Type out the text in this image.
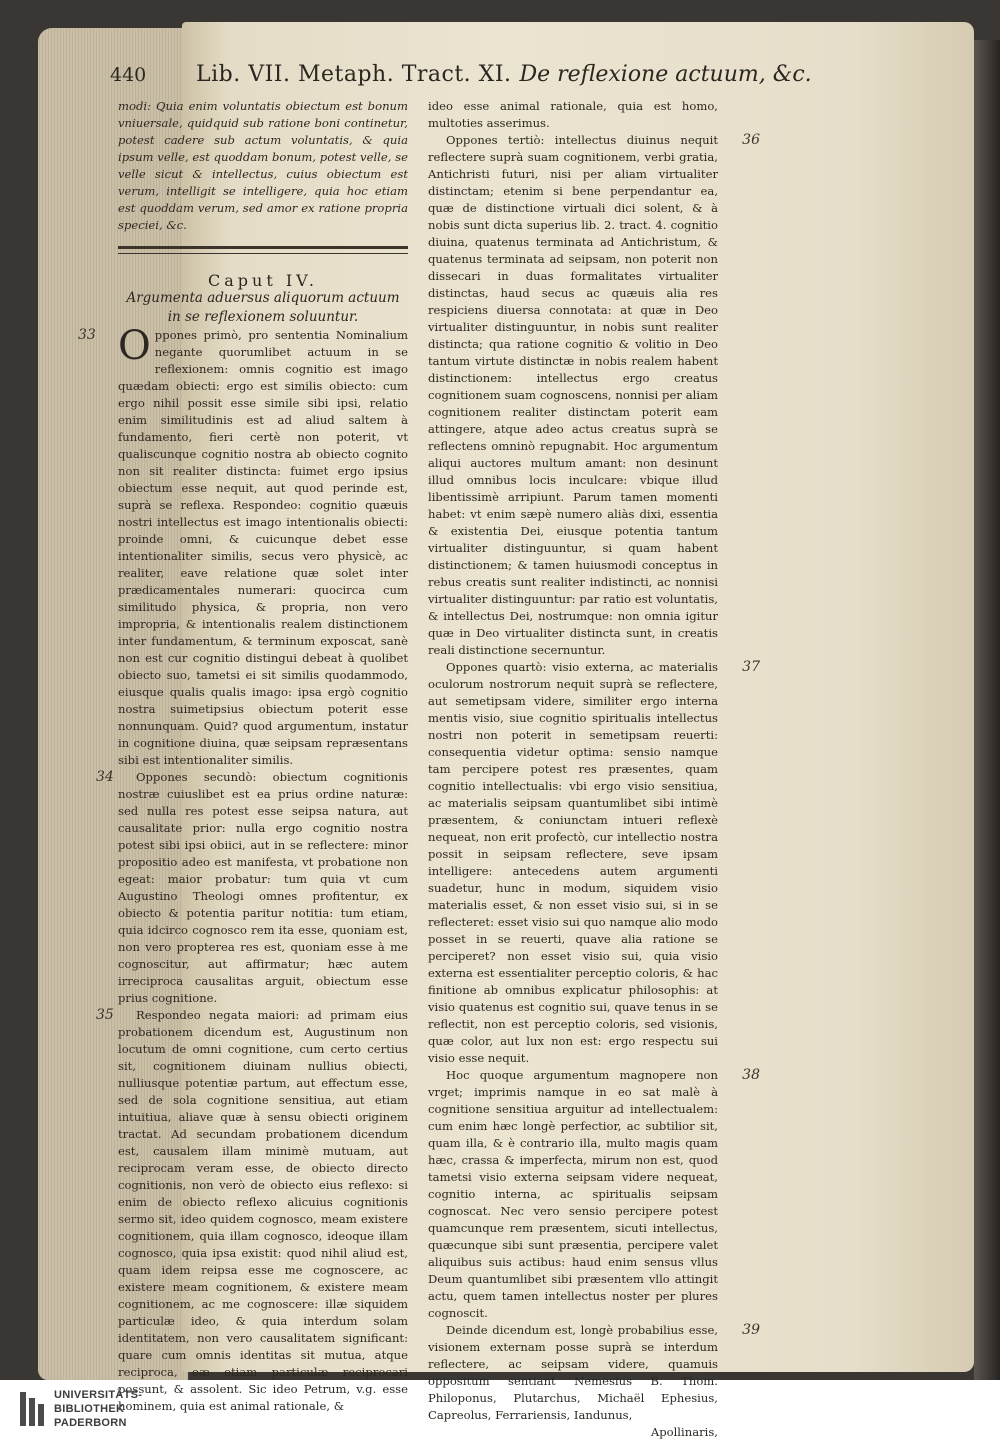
440 Lib. VII. Metaph. Tract. XI. De reflexione actuum, &c.

modi: Quia enim voluntatis obiectum est bonum vniuersale, quidquid sub ratione boni continetur, potest cadere sub actum voluntatis, & quia ipsum velle, est quoddam bonum, potest velle, se velle sicut & intellectus, cuius obiectum est verum, intelligit se intelligere, quia hoc etiam est quoddam verum, sed amor ex ratione propria speciei, &c.

Caput IV.

Argumenta aduersus aliquorum actuum in se reflexionem soluuntur.

33 O ppones primò, pro sententia Nominalium negante quorumlibet actuum in se reflexionem: omnis cognitio est imago quædam obiecti: ergo est similis obiecto: cum ergo nihil possit esse simile sibi ipsi, relatio enim similitudinis est ad aliud saltem à fundamento, fieri certè non poterit, vt qualiscunque cognitio nostra ab obiecto cognito non sit realiter distincta: fuimet ergo ipsius obiectum esse nequit, aut quod perinde est, suprà se reflexa. Respondeo: cognitio quæuis nostri intellectus est imago intentionalis obiecti: proinde omni, & cuicunque debet esse intentionaliter similis, secus vero physicè, ac realiter, eave relatione quæ solet inter prædicamentales numerari: quocirca cum similitudo physica, & propria, non vero impropria, & intentionalis realem distinctionem inter fundamentum, & terminum exposcat, sanè non est cur cognitio distingui debeat à quolibet obiecto suo, tametsi ei sit similis quodammodo, eiusque qualis qualis imago: ipsa ergò cognitio nostra suimetipsius obiectum poterit esse nonnunquam. Quid? quod argumentum, instatur in cognitione diuina, quæ seipsam repræsentans sibi est intentionaliter similis.

34 Oppones secundò: obiectum cognitionis nostræ cuiuslibet est ea prius ordine naturæ: sed nulla res potest esse seipsa natura, aut causalitate prior: nulla ergo cognitio nostra potest sibi ipsi obiici, aut in se reflectere: minor propositio adeo est manifesta, vt probatione non egeat: maior probatur: tum quia vt cum Augustino Theologi omnes profitentur, ex obiecto & potentia paritur notitia: tum etiam, quia idcirco cognosco rem ita esse, quoniam est, non vero propterea res est, quoniam esse à me cognoscitur, aut affirmatur; hæc autem irreciproca causalitas arguit, obiectum esse prius cognitione.

35 Respondeo negata maiori: ad primam eius probationem dicendum est, Augustinum non locutum de omni cognitione, cum certo certius sit, cognitionem diuinam nullius obiecti, nulliusque potentiæ partum, aut effectum esse, sed de sola cognitione sensitiua, aut etiam intuitiua, aliave quæ à sensu obiecti originem tractat. Ad secundam probationem dicendum est, causalem illam minimè mutuam, aut reciprocam veram esse, de obiecto directo cognitionis, non verò de obiecto eius reflexo: si enim de obiecto reflexo alicuius cognitionis sermo sit, ideo quidem cognosco, meam existere cognitionem, quia illam cognosco, ideoque illam cognosco, quia ipsa existit: quod nihil aliud est, quam idem reipsa esse me cognoscere, ac existere meam cognitionem, & existere meam cognitionem, ac me cognoscere: illæ siquidem particulæ ideo, & quia interdum solam identitatem, non vero causalitatem significant: quare cum omnis identitas sit mutua, atque reciproca, eæ etiam particulæ reciprocari possunt, & assolent. Sic ideo Petrum, v.g. esse hominem, quia est animal rationale, &

ideo esse animal rationale, quia est homo, multoties asserimus.

36
Oppones tertiò: intellectus diuinus nequit reflectere suprà suam cognitionem, verbi gratia, Antichristi futuri, nisi per aliam virtualiter distinctam; etenim si bene perpendantur ea, quæ de distinctione virtuali dici solent, & à nobis sunt dicta superius lib. 2. tract. 4. cognitio diuina, quatenus terminata ad Antichristum, & quatenus terminata ad seipsam, non poterit non dissecari in duas formalitates virtualiter distinctas, haud secus ac quæuis alia res respiciens diuersa connotata: at quæ in Deo virtualiter distinguuntur, in nobis sunt realiter distincta; qua ratione cognitio & volitio in Deo tantum virtute distinctæ in nobis realem habent distinctionem: intellectus ergo creatus cognitionem suam cognoscens, nonnisi per aliam cognitionem realiter distinctam poterit eam attingere, atque adeo actus creatus suprà se reflectens omninò repugnabit. Hoc argumentum aliqui auctores multum amant: non desinunt illud omnibus locis inculcare: vbique illud libentissimè arripiunt. Parum tamen momenti habet: vt enim sæpè numero aliàs dixi, essentia & existentia Dei, eiusque potentia tantum virtualiter distinguuntur, si quam habent distinctionem; & tamen huiusmodi conceptus in rebus creatis sunt realiter indistincti, ac nonnisi virtualiter distinguuntur: par ratio est voluntatis, & intellectus Dei, nostrumque: non omnia igitur quæ in Deo virtualiter distincta sunt, in creatis reali distinctione secernuntur.

37
Oppones quartò: visio externa, ac materialis oculorum nostrorum nequit suprà se reflectere, aut semetipsam videre, similiter ergo interna mentis visio, siue cognitio spiritualis intellectus nostri non poterit in semetipsam reuerti: consequentia videtur optima: sensio namque tam percipere potest res præsentes, quam cognitio intellectualis: vbi ergo visio sensitiua, ac materialis seipsam quantumlibet sibi intimè præsentem, & coniunctam intueri reflexè nequeat, non erit profectò, cur intellectio nostra possit in seipsam reflectere, seve ipsam intelligere: antecedens autem argumenti suadetur, hunc in modum, siquidem visio materialis esset, & non esset visio sui, si in se reflecteret: esset visio sui quo namque alio modo posset in se reuerti, quave alia ratione se perciperet? non esset visio sui, quia visio externa est essentialiter perceptio coloris, & hac finitione ab omnibus explicatur philosophis: at visio quatenus est cognitio sui, quave tenus in se reflectit, non est perceptio coloris, sed visionis, quæ color, aut lux non est: ergo respectu sui visio esse nequit.

38
Hoc quoque argumentum magnopere non vrget; imprimis namque in eo sat malè à cognitione sensitiua arguitur ad intellectualem: cum enim hæc longè perfectior, ac subtilior sit, quam illa, & è contrario illa, multo magis quam hæc, crassa & imperfecta, mirum non est, quod tametsi visio externa seipsam videre nequeat, cognitio interna, ac spiritualis seipsam cognoscat. Nec vero sensio percipere potest quamcunque rem præsentem, sicuti intellectus, quæcunque sibi sunt præsentia, percipere valet aliquibus suis actibus: haud enim sensus vllus Deum quantumlibet sibi præsentem vllo attingit actu, quem tamen intellectus noster per plures cognoscit.

39
Deinde dicendum est, longè probabilius esse, visionem externam posse suprà se interdum reflectere, ac seipsam videre, quamuis oppositum sentiant Nemesius B. Thom. Philoponus, Plutarchus, Michaël Ephesius, Capreolus, Ferrariensis, Iandunus,

Apollinaris,

UNIVERSITÄTS-
BIBLIOTHEK
PADERBORN
